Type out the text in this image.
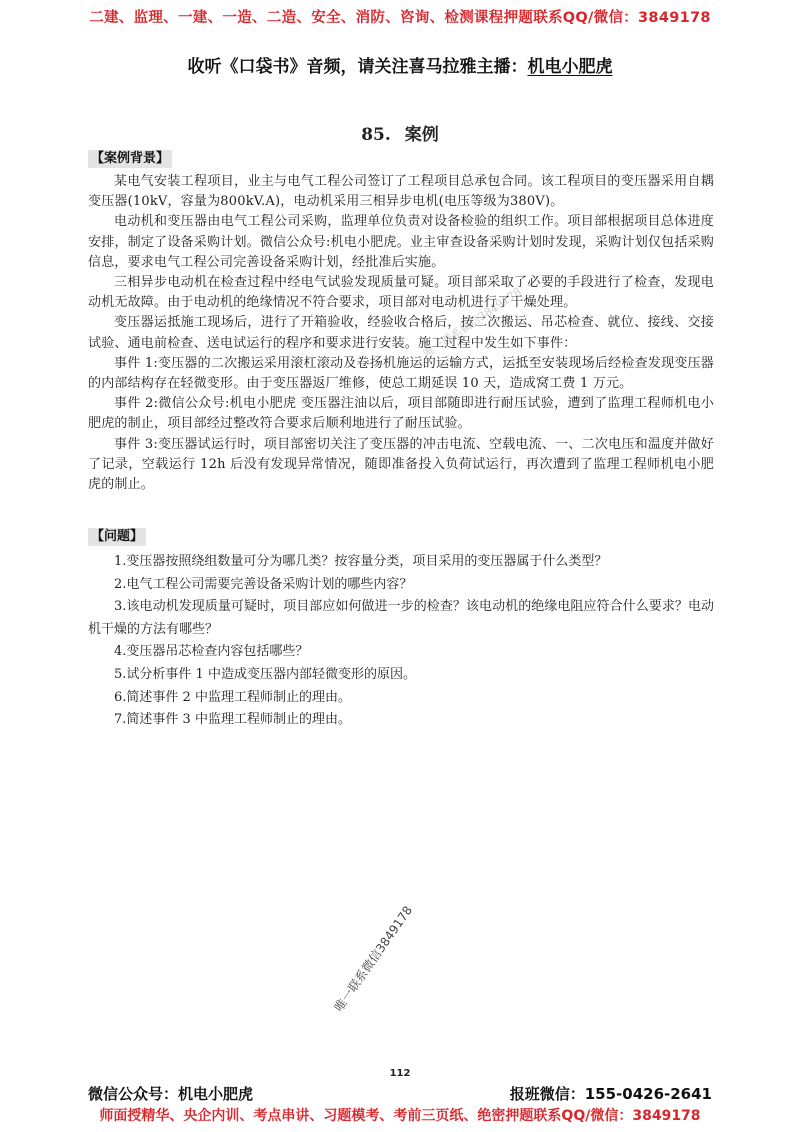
二建、监理、一建、一造、二造、安全、消防、咨询、检测课程押题联系QQ/微信：3849178
收听《口袋书》音频，请关注喜马拉雅主播：机电小肥虎
85. 案例
唯一联系微信3849178
【案例背景】

某电气安装工程项目，业主与电气工程公司签订了工程项目总承包合同。该工程项目的变压器采用自耦变压器(10kV，容量为800kV.A)，电动机采用三相异步电机(电压等级为380V)。

电动机和变压器由电气工程公司采购，监理单位负责对设备检验的组织工作。项目部根据项目总体进度安排，制定了设备采购计划。微信公众号:机电小肥虎。业主审查设备采购计划时发现，采购计划仅包括采购信息，要求电气工程公司完善设备采购计划，经批准后实施。

三相异步电动机在检查过程中经电气试验发现质量可疑。项目部采取了必要的手段进行了检查，发现电动机无故障。由于电动机的绝缘情况不符合要求，项目部对电动机进行了干燥处理。

变压器运抵施工现场后，进行了开箱验收，经验收合格后，按二次搬运、吊芯检查、就位、接线、交接试验、通电前检查、送电试运行的程序和要求进行安装。施工过程中发生如下事件：

事件 1:变压器的二次搬运采用滚杠滚动及卷扬机施运的运输方式，运抵至安装现场后经检查发现变压器的内部结构存在轻微变形。由于变压器返厂维修，使总工期延误 10 天，造成窝工费 1 万元。

事件 2:微信公众号:机电小肥虎 变压器注油以后，项目部随即进行耐压试验，遭到了监理工程师机电小肥虎的制止，项目部经过整改符合要求后顺利地进行了耐压试验。

事件 3:变压器试运行时，项目部密切关注了变压器的冲击电流、空载电流、一、二次电压和温度并做好了记录，空载运行 12h 后没有发现异常情况，随即准备投入负荷试运行，再次遭到了监理工程师机电小肥虎的制止。

【问题】

1.变压器按照绕组数量可分为哪几类？按容量分类，项目采用的变压器属于什么类型？

2.电气工程公司需要完善设备采购计划的哪些内容？

3.该电动机发现质量可疑时，项目部应如何做进一步的检查？该电动机的绝缘电阻应符合什么要求？电动机干燥的方法有哪些？

4.变压器吊芯检查内容包括哪些？

5.试分析事件 1 中造成变压器内部轻微变形的原因。

6.简述事件 2 中监理工程师制止的理由。

7.简述事件 3 中监理工程师制止的理由。

唯一联系微信3849178
112
微信公众号：机电小肥虎	报班微信：155-0426-2641
师面授精华、央企内训、考点串讲、习题模考、考前三页纸、绝密押题联系QQ/微信：3849178
